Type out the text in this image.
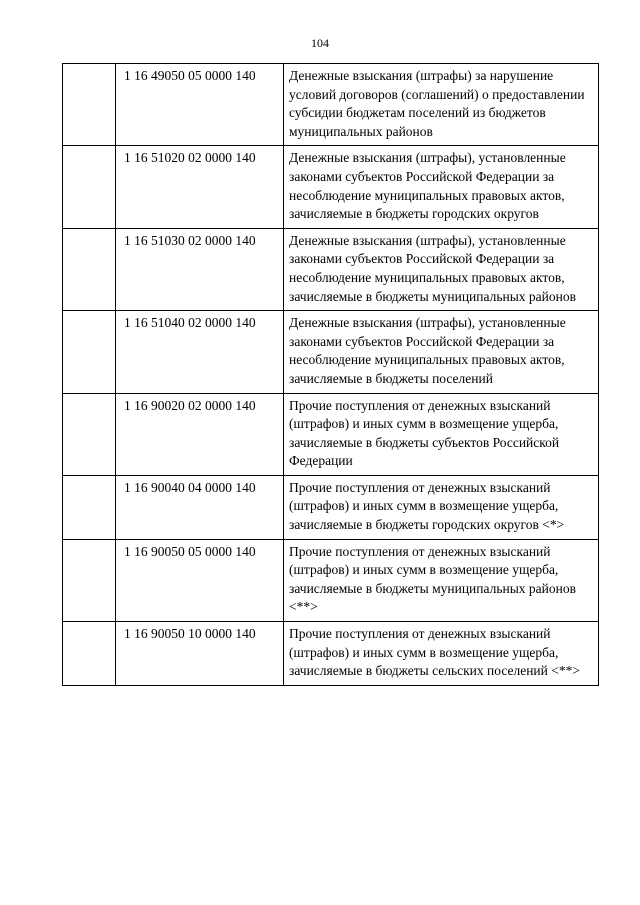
104
	1 16 49050 05 0000 140	Денежные взыскания (штрафы) за нарушение условий договоров (соглашений) о предоставлении субсидии бюджетам поселений из бюджетов муниципальных районов
	1 16 51020 02 0000 140	Денежные взыскания (штрафы), установленные законами субъектов Российской Федерации за несоблюдение муниципальных правовых актов, зачисляемые в бюджеты городских округов
	1 16 51030 02 0000 140	Денежные взыскания (штрафы), установленные законами субъектов Российской Федерации за несоблюдение муниципальных правовых актов, зачисляемые в бюджеты муниципальных районов
	1 16 51040 02 0000 140	Денежные взыскания (штрафы), установленные законами субъектов Российской Федерации за несоблюдение муниципальных правовых актов, зачисляемые в бюджеты поселений
	1 16 90020 02 0000 140	Прочие поступления от денежных взысканий (штрафов) и иных сумм в возмещение ущерба, зачисляемые в бюджеты субъектов Российской Федерации
	1 16 90040 04 0000 140	Прочие поступления от денежных взысканий (штрафов) и иных сумм в возмещение ущерба, зачисляемые в бюджеты городских округов <*>
	1 16 90050 05 0000 140	Прочие поступления от денежных взысканий (штрафов) и иных сумм в возмещение ущерба, зачисляемые в бюджеты муниципальных районов <**>
	1 16 90050 10 0000 140	Прочие поступления от денежных взысканий (штрафов) и иных сумм в возмещение ущерба, зачисляемые в бюджеты сельских поселений <**>
